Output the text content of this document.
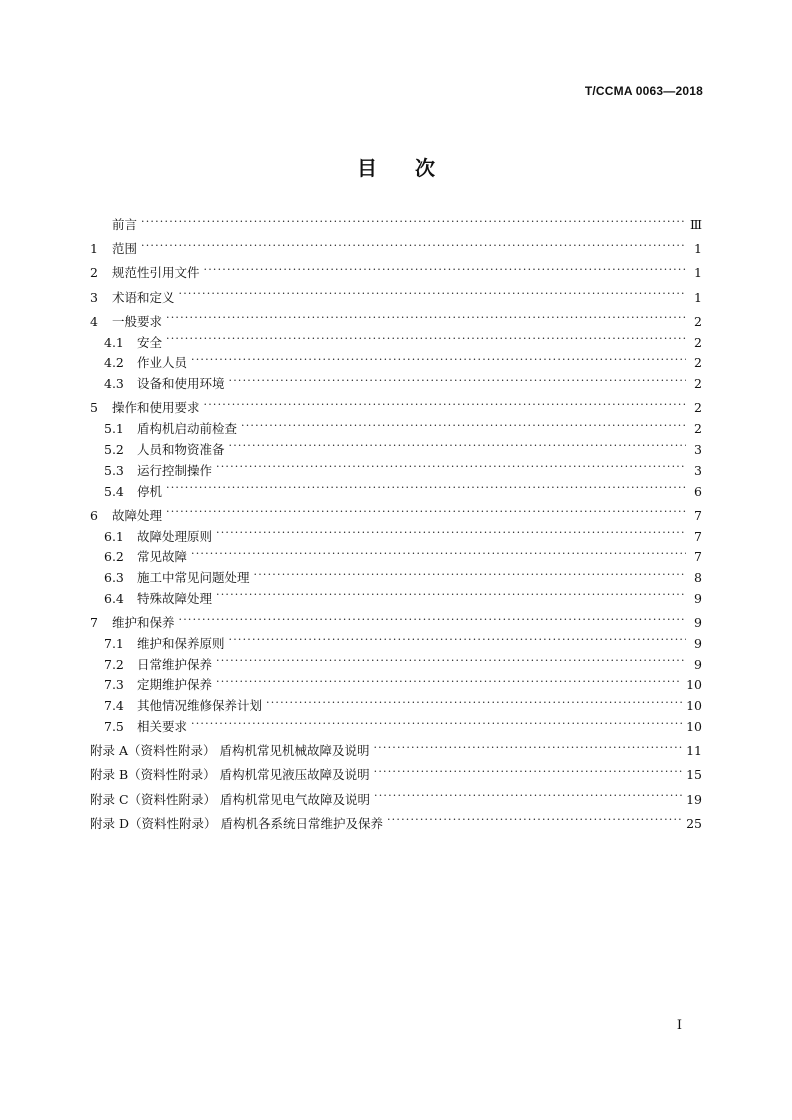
T/CCMA 0063—2018
目次
前言 ·····	Ⅲ
1	范围 ·····	1
2	规范性引用文件 ·····	1
3	术语和定义 ·····	1
4	一般要求 ·····	2
4.1	安全 ·····	2
4.2	作业人员 ·····	2
4.3	设备和使用环境 ·····	2
5	操作和使用要求 ·····	2
5.1	盾构机启动前检查 ·····	2
5.2	人员和物资准备 ·····	3
5.3	运行控制操作 ·····	3
5.4	停机 ·····	6
6	故障处理 ·····	7
6.1	故障处理原则 ·····	7
6.2	常见故障 ·····	7
6.3	施工中常见问题处理 ·····	8
6.4	特殊故障处理 ·····	9
7	维护和保养 ·····	9
7.1	维护和保养原则 ·····	9
7.2	日常维护保养 ·····	9
7.3	定期维护保养 ·····	10
7.4	其他情况维修保养计划 ·····	10
7.5	相关要求 ·····	10
附录 A（资料性附录） 盾构机常见机械故障及说明 ·····	11
附录 B（资料性附录） 盾构机常见液压故障及说明 ·····	15
附录 C（资料性附录） 盾构机常见电气故障及说明 ·····	19
附录 D（资料性附录） 盾构机各系统日常维护及保养 ·····	25
I
